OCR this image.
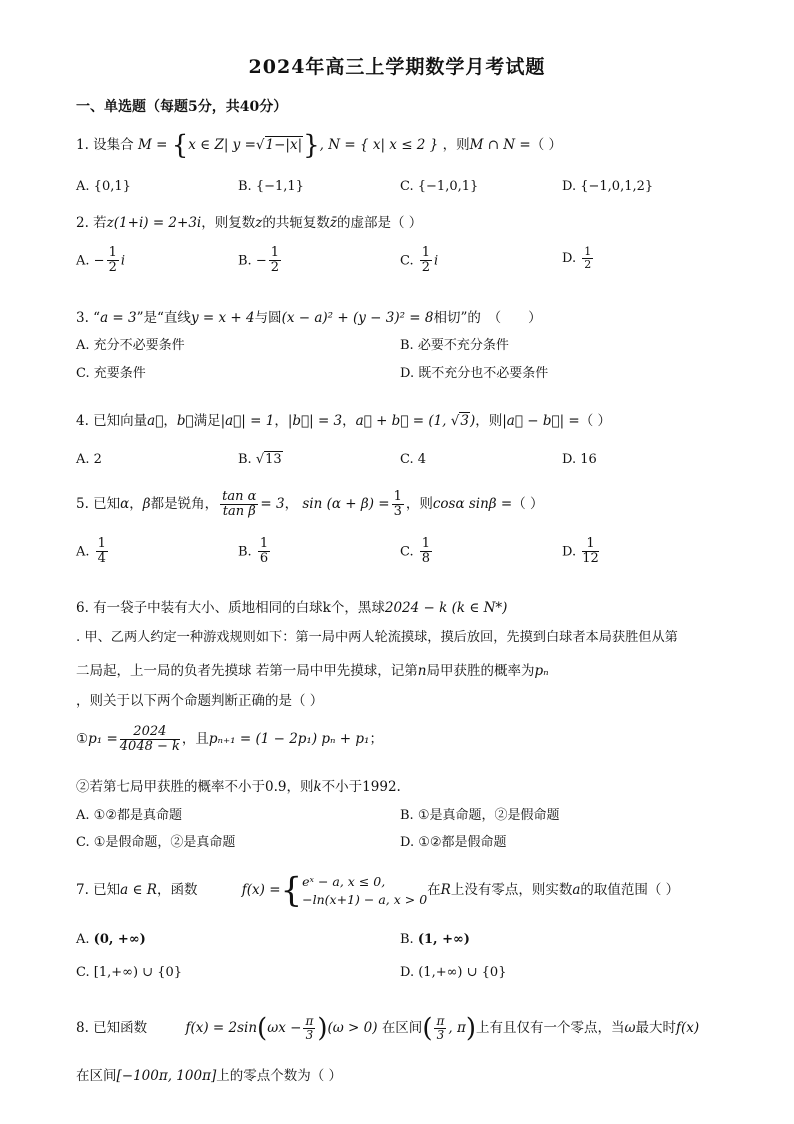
2024年高三上学期数学月考试题
一、单选题（每题5分，共40分）
1. 设集合 M = {x ∈ Z| y =√1−|x|}, N = { x| x ≤ 2 } ，则M ∩ N =（ ）
A. {0,1}	B. {−1,1}	C. {−1,0,1}	D. {−1,0,1,2}
2. 若z(1+i) = 2+3i，则复数z的共轭复数z̄的虚部是（ ）
A. − $\frac{1}{2}$ i	B. − $\frac{1}{2}$	C. $\frac{1}{2}$ i	D. $\frac{1}{2}$
3. “a = 3”是“直线y = x + 4与圆(x − a)² + (y − 3)² = 8相切”的　（　　）
A. 充分不必要条件	B. 必要不充分条件
C. 充要条件	D. 既不充分也不必要条件
4. 已知向量a⃗，b⃗满足|a⃗| = 1，|b⃗| = 3，a⃗ + b⃗ = (1, √3)，则|a⃗ − b⃗| =（ ）
A. 2	B. √13	C. 4	D. 16
5. 已知α，β都是锐角， $\frac{\text{tan α}}{\text{tan β}} = 3$， $\sin (\alpha + \beta) = \frac{1}{3}$ ，则cosα sinβ =（ ）
A. $\frac{1}{4}$	B. $\frac{1}{6}$	C. $\frac{1}{8}$	D. $\frac{1}{12}$
6. 有一袋子中装有大小、质地相同的白球k个，黑球2024 − k (k ∈ N*)
. 甲、乙两人约定一种游戏规则如下：第一局中两人轮流摸球，摸后放回，先摸到白球者本局获胜但从第
二局起，上一局的负者先摸球 若第一局中甲先摸球，记第n局甲获胜的概率为pₙ
，则关于以下两个命题判断正确的是（ ）
①p₁ = $\frac{2024}{4048 - k}$ ，且pₙ₊₁ = (1 − 2p₁) pₙ + p₁；
②若第七局甲获胜的概率不小于0.9，则k不小于1992.
A. ①②都是真命题	B. ①是真命题，②是假命题
C. ①是假命题，②是真命题	D. ①②都是假命题
7. 已知a ∈ R，函数	f(x) ={ eˣ − a, x ≤ 0,
−ln(x+1) − a, x > 0
在R上没有零点，则实数a的取值范围（ ）
A. (0, +∞)	B. (1, +∞)
C. [1,+∞) ∪ {0}	D. (1,+∞) ∪ {0}
8. 已知函数	$f(x) = 2\sin(\omega x - \frac{\pi}{3} )(\omega > 0)$ 在区间( $\frac{\pi}{3}$ , π)上有且仅有一个零点，当ω最大时f(x)
在区间[−100π, 100π]上的零点个数为（ ）
